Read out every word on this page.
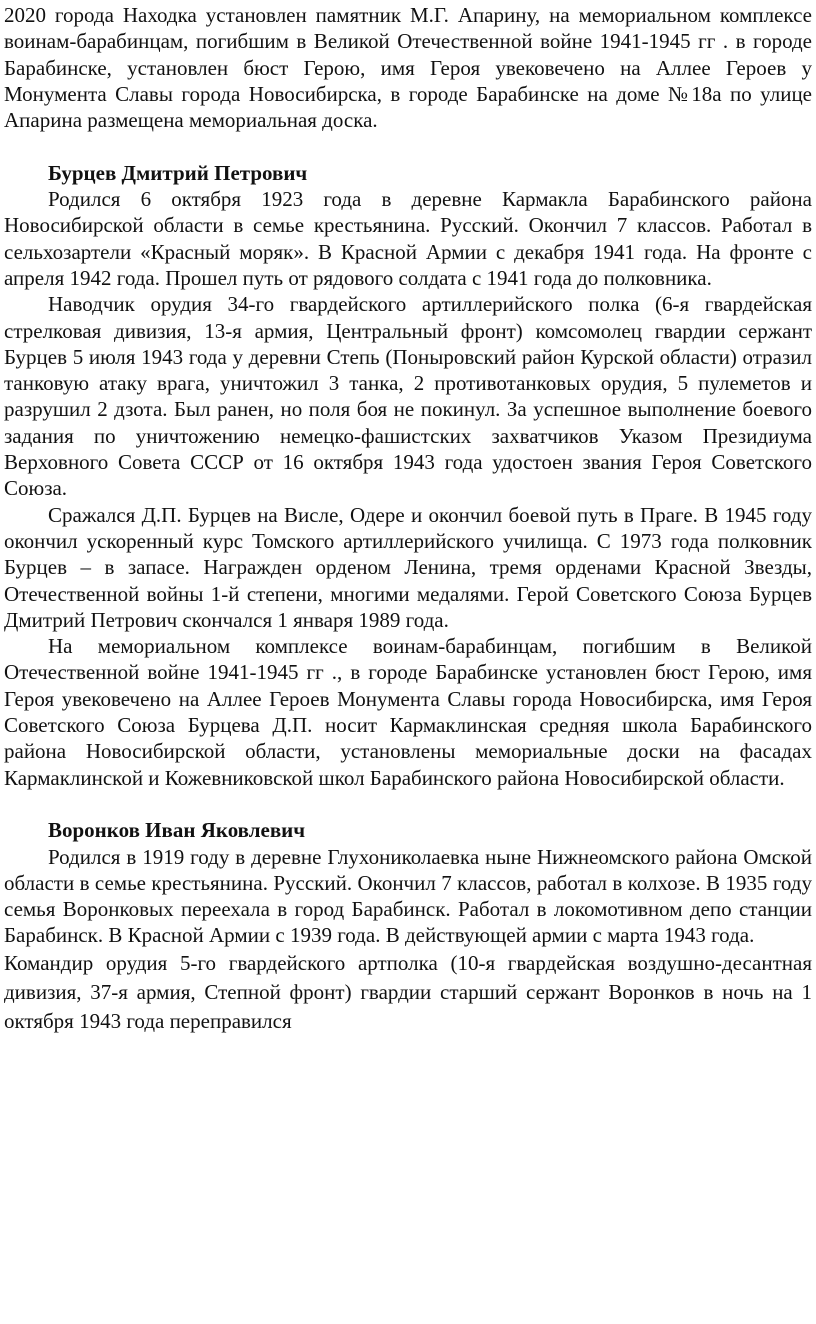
2020 города Находка установлен памятник М.Г. Апарину, на мемориальном комплексе воинам-барабинцам, погибшим в Великой Отечественной войне 1941-1945 гг . в городе Барабинске, установлен бюст Герою, имя Героя увековечено на Аллее Героев у Монумента Славы города Новосибирска, в городе Барабинске на доме №18а по улице Апарина размещена мемориальная доска.

Бурцев Дмитрий Петрович

Родился 6 октября 1923 года в деревне Кармакла Барабинского района Новосибирской области в семье крестьянина. Русский. Окончил 7 классов. Работал в сельхозартели «Красный моряк». В Красной Армии с декабря 1941 года. На фронте с апреля 1942 года. Прошел путь от рядового солдата с 1941 года до полковника.

Наводчик орудия 34-го гвардейского артиллерийского полка (6-я гвардейская стрелковая дивизия, 13-я армия, Центральный фронт) комсомолец гвардии сержант Бурцев 5 июля 1943 года у деревни Степь (Поныровский район Курской области) отразил танковую атаку врага, уничтожил 3 танка, 2 противотанковых орудия, 5 пулеметов и разрушил 2 дзота. Был ранен, но поля боя не покинул. За успешное выполнение боевого задания по уничтожению немецко-фашистских захватчиков Указом Президиума Верховного Совета СССР от 16 октября 1943 года удостоен звания Героя Советского Союза.

Сражался Д.П. Бурцев на Висле, Одере и окончил боевой путь в Праге. В 1945 году окончил ускоренный курс Томского артиллерийского училища. С 1973 года полковник Бурцев – в запасе. Награжден орденом Ленина, тремя орденами Красной Звезды, Отечественной войны 1-й степени, многими медалями. Герой Советского Союза Бурцев Дмитрий Петрович скончался 1 января 1989 года.

На мемориальном комплексе воинам-барабинцам, погибшим в Великой Отечественной войне 1941-1945 гг ., в городе Барабинске установлен бюст Герою, имя Героя увековечено на Аллее Героев Монумента Славы города Новосибирска, имя Героя Советского Союза Бурцева Д.П. носит Кармаклинская средняя школа Барабинского района Новосибирской области, установлены мемориальные доски на фасадах Кармаклинской и Кожевниковской школ Барабинского района Новосибирской области.

Воронков Иван Яковлевич

Родился в 1919 году в деревне Глухониколаевка ныне Нижнеомского района Омской области в семье крестьянина. Русский. Окончил 7 классов, работал в колхозе. В 1935 году семья Воронковых переехала в город Барабинск. Работал в локомотивном депо станции Барабинск. В Красной Армии с 1939 года. В действующей армии с марта 1943 года.

Командир орудия 5-го гвардейского артполка (10-я гвардейская воздушно-десантная дивизия, 37-я армия, Степной фронт) гвардии старший сержант Воронков в ночь на 1 октября 1943 года переправился
